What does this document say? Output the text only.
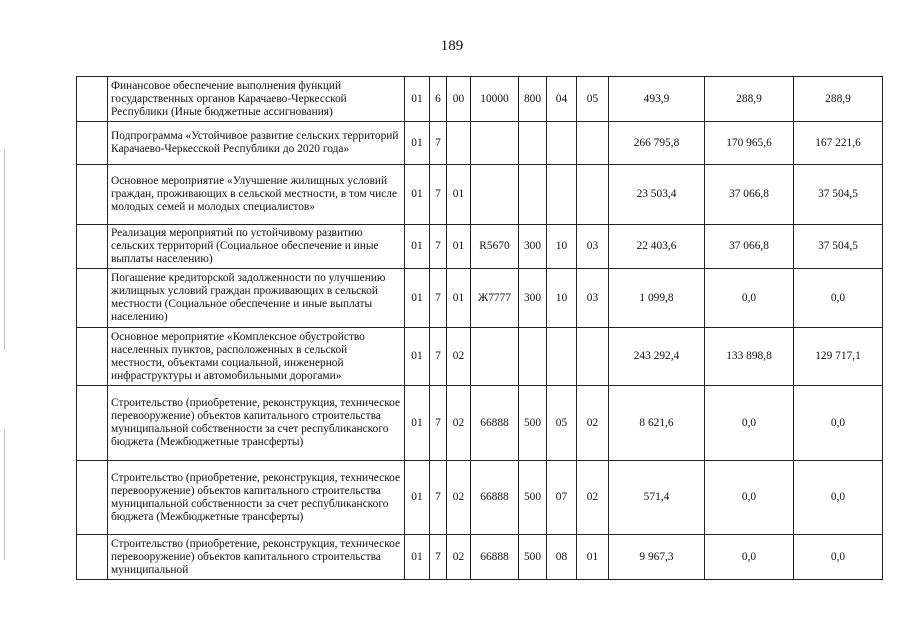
189
	Финансовое обеспечение выполнения функций государственных органов Карачаево-Черкесской Республики (Иные бюджетные ассигнования)	01	6	00	10000	800	04	05	493,9	288,9	288,9
	Подпрограмма «Устойчивое развитие сельских территорий Карачаево-Черкесской Республики до 2020 года»	01	7						266 795,8	170 965,6	167 221,6
	Основное мероприятие «Улучшение жилищных условий граждан, проживающих в сельской местности, в том числе молодых семей и молодых специалистов»	01	7	01					23 503,4	37 066,8	37 504,5
	Реализация мероприятий по устойчивому развитию сельских территорий (Социальное обеспечение и иные выплаты населению)	01	7	01	R5670	300	10	03	22 403,6	37 066,8	37 504,5
	Погашение кредиторской задолженности по улучшению жилищных условий граждан проживающих в сельской местности (Социальное обеспечение и иные выплаты населению)	01	7	01	Ж7777	300	10	03	1 099,8	0,0	0,0
	Основное мероприятие «Комплексное обустройство населенных пунктов, расположенных в сельской местности, объектами социальной, инженерной инфраструктуры и автомобильными дорогами»	01	7	02					243 292,4	133 898,8	129 717,1
	Строительство (приобретение, реконструкция, техническое перевооружение) объектов капитального строительства муниципальной собственности за счет республиканского бюджета (Межбюджетные трансферты)	01	7	02	66888	500	05	02	8 621,6	0,0	0,0
	Строительство (приобретение, реконструкция, техническое перевооружение) объектов капитального строительства муниципальной собственности за счет республиканского бюджета (Межбюджетные трансферты)	01	7	02	66888	500	07	02	571,4	0,0	0,0
	Строительство (приобретение, реконструкция, техническое перевооружение) объектов капитального строительства муниципальной	01	7	02	66888	500	08	01	9 967,3	0,0	0,0
